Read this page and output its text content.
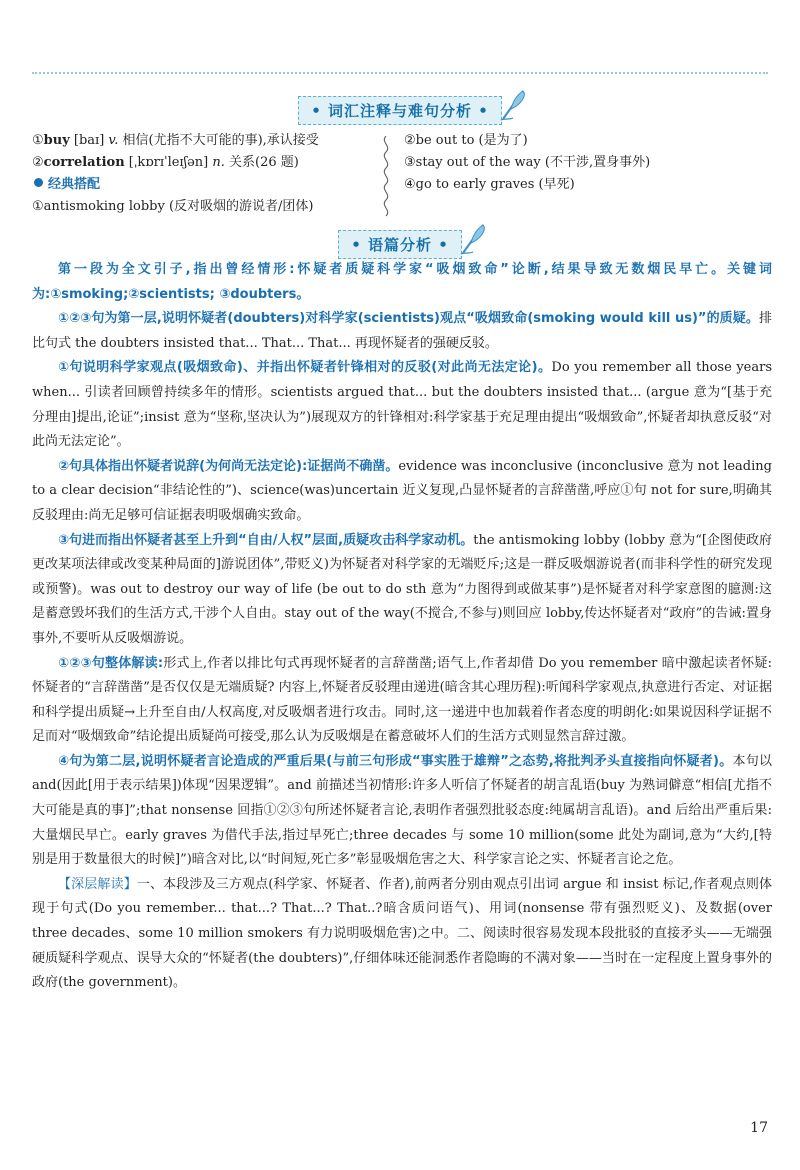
• 词汇注释与难句分析 •
①buy [baɪ] v. 相信(尤指不大可能的事),承认接受
②correlation [ˌkɒrɪˈleɪʃən] n. 关系(26 题)
经典搭配
①antismoking lobby (反对吸烟的游说者/团体)
②be out to (是为了)
③stay out of the way (不干涉,置身事外)
④go to early graves (早死)
• 语篇分析 •

第一段为全文引子,指出曾经情形:怀疑者质疑科学家“吸烟致命”论断,结果导致无数烟民早亡。关键词为:①smoking;②scientists; ③doubters。

①②③句为第一层,说明怀疑者(doubters)对科学家(scientists)观点“吸烟致命(smoking would kill us)”的质疑。排比句式 the doubters insisted that... That... That... 再现怀疑者的强硬反驳。

①句说明科学家观点(吸烟致命)、并指出怀疑者针锋相对的反驳(对此尚无法定论)。Do you remember all those years when... 引读者回顾曾持续多年的情形。scientists argued that... but the doubters insisted that... (argue 意为“[基于充分理由]提出,论证”;insist 意为“坚称,坚决认为”)展现双方的针锋相对:科学家基于充足理由提出“吸烟致命”,怀疑者却执意反驳“对此尚无法定论”。

②句具体指出怀疑者说辞(为何尚无法定论):证据尚不确凿。evidence was inconclusive (inconclusive 意为 not leading to a clear decision“非结论性的”)、science(was)uncertain 近义复现,凸显怀疑者的言辞凿凿,呼应①句 not for sure,明确其反驳理由:尚无足够可信证据表明吸烟确实致命。

③句进而指出怀疑者甚至上升到“自由/人权”层面,质疑攻击科学家动机。the antismoking lobby (lobby 意为“[企图使政府更改某项法律或改变某种局面的]游说团体”,带贬义)为怀疑者对科学家的无端贬斥;这是一群反吸烟游说者(而非科学性的研究发现或预警)。was out to destroy our way of life (be out to do sth 意为“力图得到或做某事”)是怀疑者对科学家意图的臆测:这是蓄意毁坏我们的生活方式,干涉个人自由。stay out of the way(不搅合,不参与)则回应 lobby,传达怀疑者对“政府”的告诫:置身事外,不要听从反吸烟游说。

①②③句整体解读:形式上,作者以排比句式再现怀疑者的言辞凿凿;语气上,作者却借 Do you remember 暗中激起读者怀疑:怀疑者的“言辞凿凿”是否仅仅是无端质疑? 内容上,怀疑者反驳理由递进(暗含其心理历程):听闻科学家观点,执意进行否定、对证据和科学提出质疑→上升至自由/人权高度,对反吸烟者进行攻击。同时,这一递进中也加载着作者态度的明朗化:如果说因科学证据不足而对“吸烟致命”结论提出质疑尚可接受,那么认为反吸烟是在蓄意破坏人们的生活方式则显然言辞过激。

④句为第二层,说明怀疑者言论造成的严重后果(与前三句形成“事实胜于雄辩”之态势,将批判矛头直接指向怀疑者)。本句以 and(因此[用于表示结果])体现“因果逻辑”。and 前描述当初情形:许多人听信了怀疑者的胡言乱语(buy 为熟词僻意“相信[尤指不大可能是真的事]”;that nonsense 回指①②③句所述怀疑者言论,表明作者强烈批驳态度:纯属胡言乱语)。and 后给出严重后果:大量烟民早亡。early graves 为借代手法,指过早死亡;three decades 与 some 10 million(some 此处为副词,意为“大约,[特别是用于数量很大的时候]”)暗含对比,以“时间短,死亡多”彰显吸烟危害之大、科学家言论之实、怀疑者言论之危。

【深层解读】一、本段涉及三方观点(科学家、怀疑者、作者),前两者分别由观点引出词 argue 和 insist 标记,作者观点则体现于句式(Do you remember... that...? That...? That..?暗含质问语气)、用词(nonsense 带有强烈贬义)、及数据(over three decades、some 10 million smokers 有力说明吸烟危害)之中。二、阅读时很容易发现本段批驳的直接矛头——无端强硬质疑科学观点、误导大众的“怀疑者(the doubters)”,仔细体味还能洞悉作者隐晦的不满对象——当时在一定程度上置身事外的政府(the government)。

17
